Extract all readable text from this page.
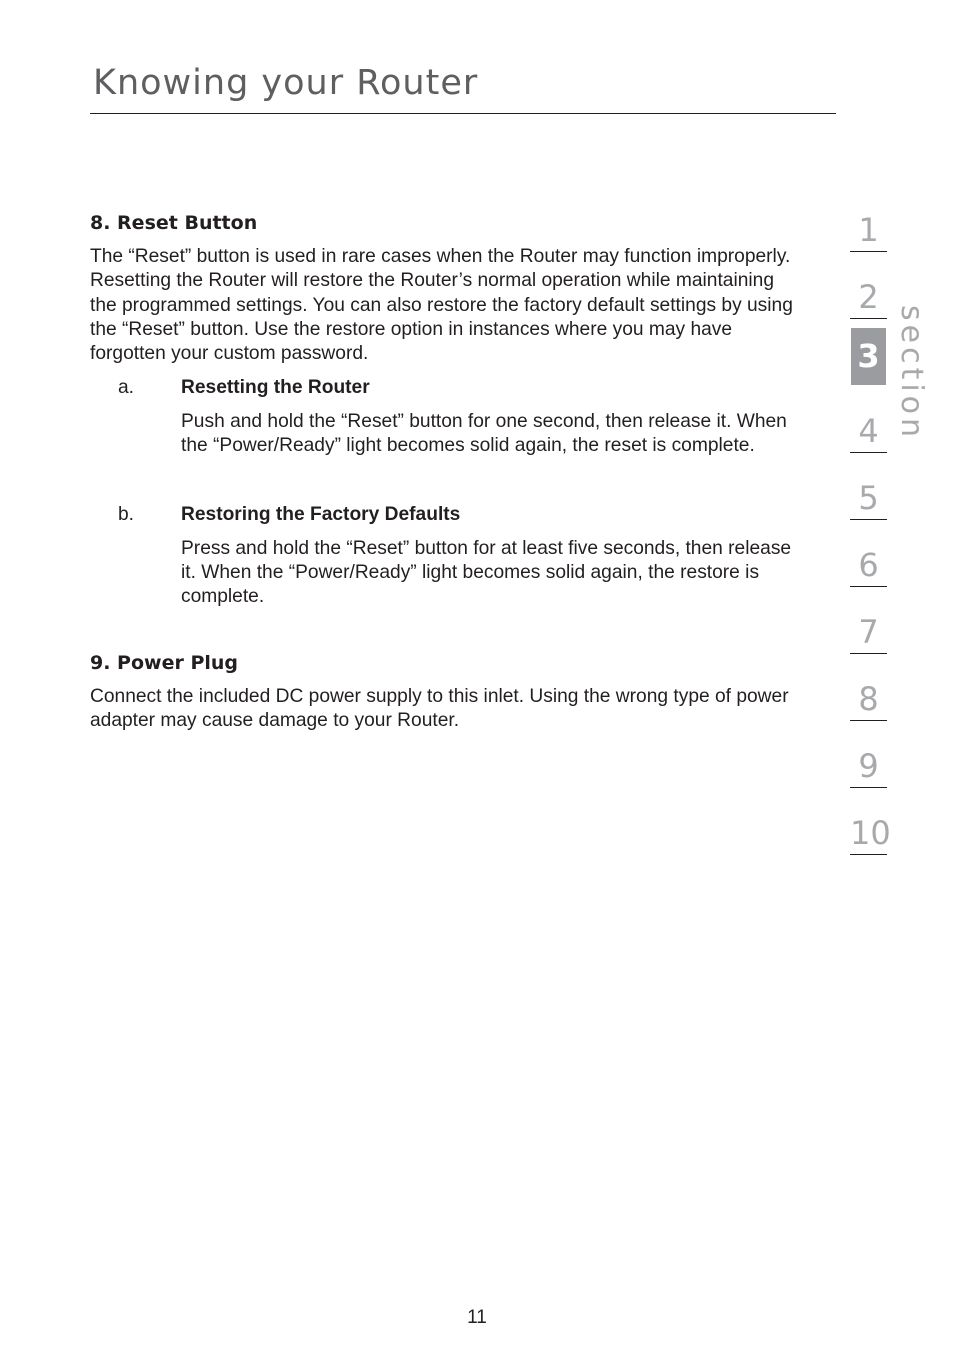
Knowing your Router
8. Reset Button

The “Reset” button is used in rare cases when the Router may function improperly. Resetting the Router will restore the Router’s normal operation while maintaining the programmed settings. You can also restore the factory default settings by using the “Reset” button. Use the restore option in instances where you may have forgotten your custom password.

a. Resetting the Router

Push and hold the “Reset” button for one second, then release it. When the “Power/Ready” light becomes solid again, the reset is complete.

b. Restoring the Factory Defaults

Press and hold the “Reset” button for at least five seconds, then release it. When the “Power/Ready” light becomes solid again, the restore is complete.

9. Power Plug

Connect the included DC power supply to this inlet. Using the wrong type of power adapter may cause damage to your Router.

1
2
3
4
5
6
7
8
9
10
section
11
